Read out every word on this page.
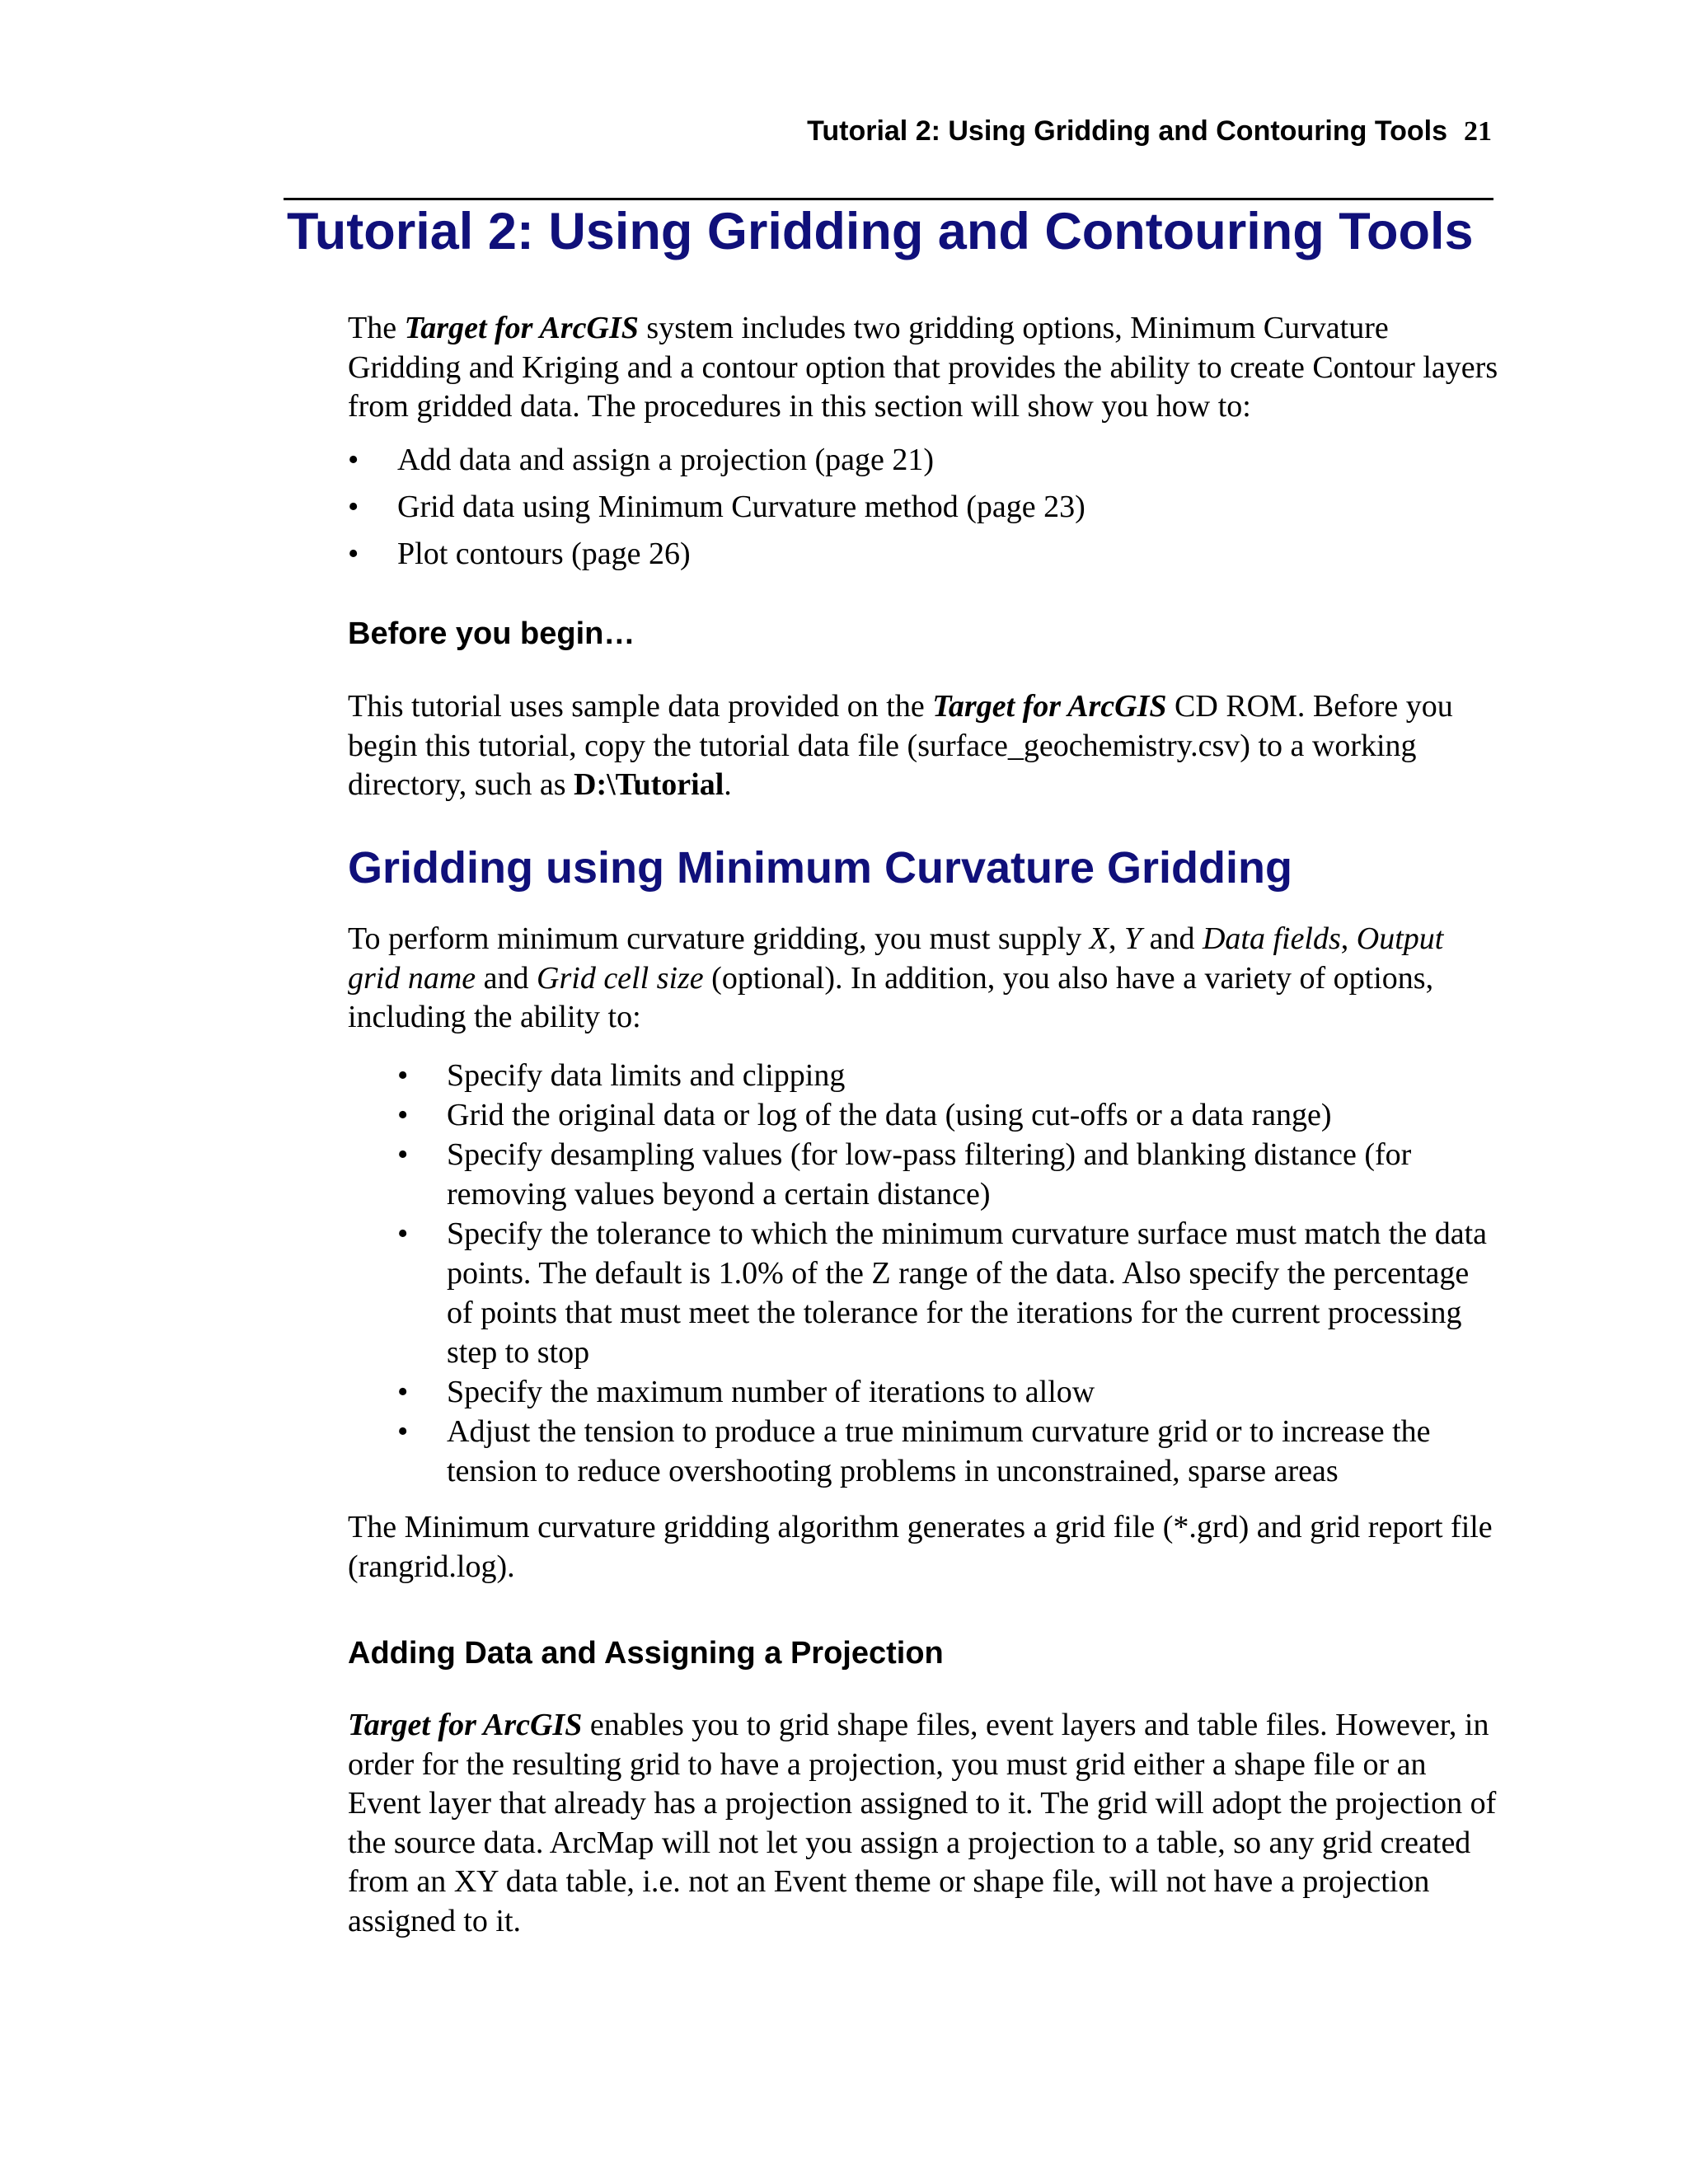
Tutorial 2: Using Gridding and Contouring Tools 21
Tutorial 2: Using Gridding and Contouring Tools

The Target for ArcGIS system includes two gridding options, Minimum Curvature Gridding and Kriging and a contour option that provides the ability to create Contour layers from gridded data. The procedures in this section will show you how to:

• Add data and assign a projection (page 21)
• Grid data using Minimum Curvature method (page 23)
• Plot contours (page 26)
Before you begin…

This tutorial uses sample data provided on the Target for ArcGIS CD ROM. Before you begin this tutorial, copy the tutorial data file (surface_geochemistry.csv) to a working directory, such as D:\Tutorial.

Gridding using Minimum Curvature Gridding

To perform minimum curvature gridding, you must supply X, Y and Data fields, Output grid name and Grid cell size (optional). In addition, you also have a variety of options, including the ability to:

• Specify data limits and clipping
• Grid the original data or log of the data (using cut-offs or a data range)
• Specify desampling values (for low-pass filtering) and blanking distance (for removing values beyond a certain distance)
• Specify the tolerance to which the minimum curvature surface must match the data points. The default is 1.0% of the Z range of the data. Also specify the percentage of points that must meet the tolerance for the iterations for the current processing step to stop
• Specify the maximum number of iterations to allow
• Adjust the tension to produce a true minimum curvature grid or to increase the tension to reduce overshooting problems in unconstrained, sparse areas

The Minimum curvature gridding algorithm generates a grid file (*.grd) and grid report file (rangrid.log).

Adding Data and Assigning a Projection

Target for ArcGIS enables you to grid shape files, event layers and table files. However, in order for the resulting grid to have a projection, you must grid either a shape file or an Event layer that already has a projection assigned to it. The grid will adopt the projection of the source data. ArcMap will not let you assign a projection to a table, so any grid created from an XY data table, i.e. not an Event theme or shape file, will not have a projection assigned to it.
